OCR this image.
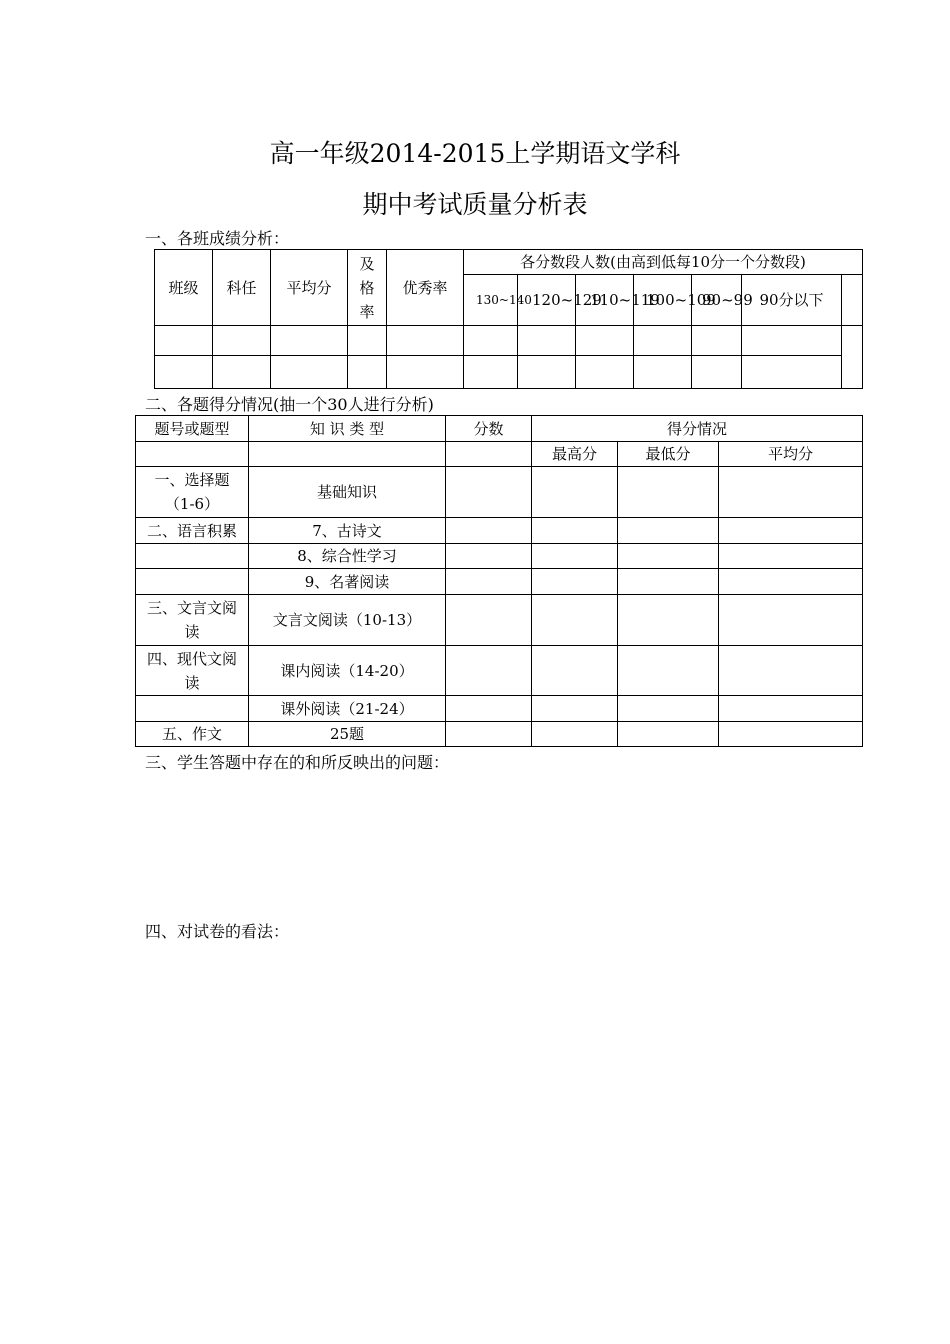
高一年级2014-2015上学期语文学科
期中考试质量分析表
一、各班成绩分析：
班级	科任	平均分	及格率	优秀率	各分数段人数(由高到低每10分一个分数段)						
					130~140	120~129	110~119	100~109	90~99	90分以下	

二、各题得分情况(抽一个30人进行分析)
题号或题型	知 识 类 型	分数	得分情况		
			最高分	最低分	平均分
一、选择题（1-6）	基础知识				
二、语言积累	7、古诗文				
	8、综合性学习				
	9、名著阅读				
三、文言文阅读	文言文阅读（10-13）				
四、现代文阅读	课内阅读（14-20）				
	课外阅读（21-24）				
五、作文	25题				
三、学生答题中存在的和所反映出的问题：
四、对试卷的看法：
